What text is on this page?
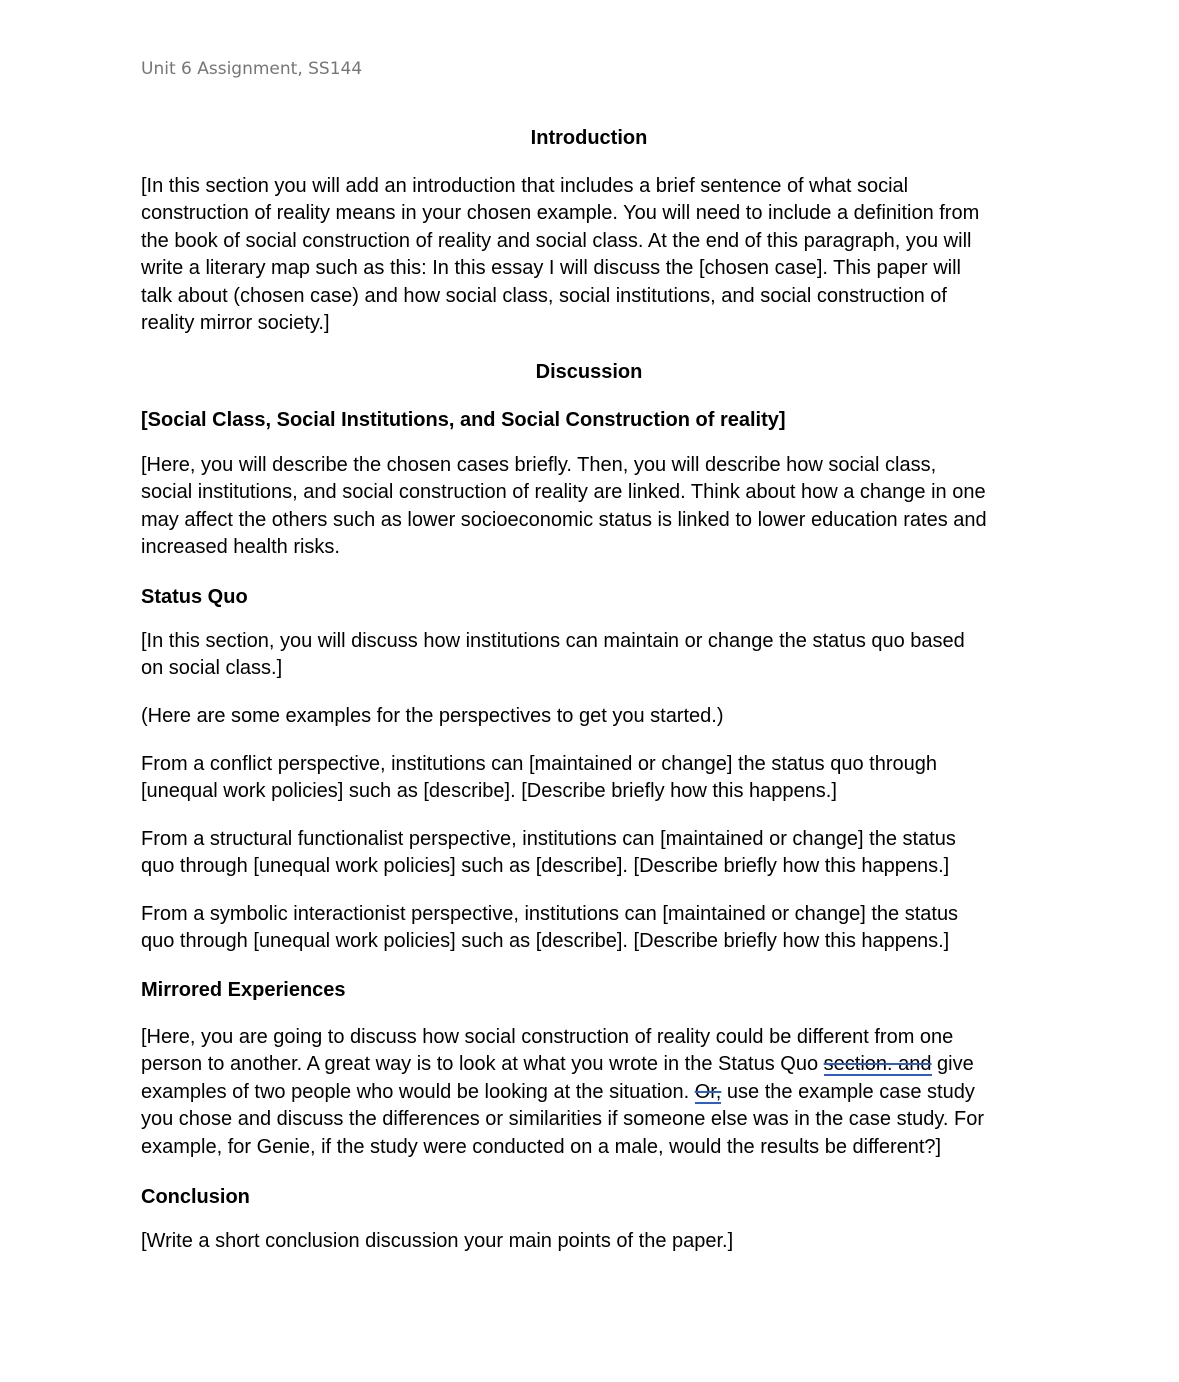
Unit 6 Assignment, SS144
Introduction
[In this section you will add an introduction that includes a brief sentence of what social
construction of reality means in your chosen example. You will need to include a definition from
the book of social construction of reality and social class. At the end of this paragraph, you will
write a literary map such as this: In this essay I will discuss the [chosen case]. This paper will
talk about (chosen case) and how social class, social institutions, and social construction of
reality mirror society.]
Discussion
[Social Class, Social Institutions, and Social Construction of reality]
[Here, you will describe the chosen cases briefly. Then, you will describe how social class,
social institutions, and social construction of reality are linked. Think about how a change in one
may affect the others such as lower socioeconomic status is linked to lower education rates and
increased health risks.
Status Quo
[In this section, you will discuss how institutions can maintain or change the status quo based
on social class.]
(Here are some examples for the perspectives to get you started.)
From a conflict perspective, institutions can [maintained or change] the status quo through
[unequal work policies] such as [describe]. [Describe briefly how this happens.]
From a structural functionalist perspective, institutions can [maintained or change] the status
quo through [unequal work policies] such as [describe]. [Describe briefly how this happens.]
From a symbolic interactionist perspective, institutions can [maintained or change] the status
quo through [unequal work policies] such as [describe]. [Describe briefly how this happens.]
Mirrored Experiences
[Here, you are going to discuss how social construction of reality could be different from one
person to another. A great way is to look at what you wrote in the Status Quo section. and give
examples of two people who would be looking at the situation. Or, use the example case study
you chose and discuss the differences or similarities if someone else was in the case study. For
example, for Genie, if the study were conducted on a male, would the results be different?]
Conclusion
[Write a short conclusion discussion your main points of the paper.]
